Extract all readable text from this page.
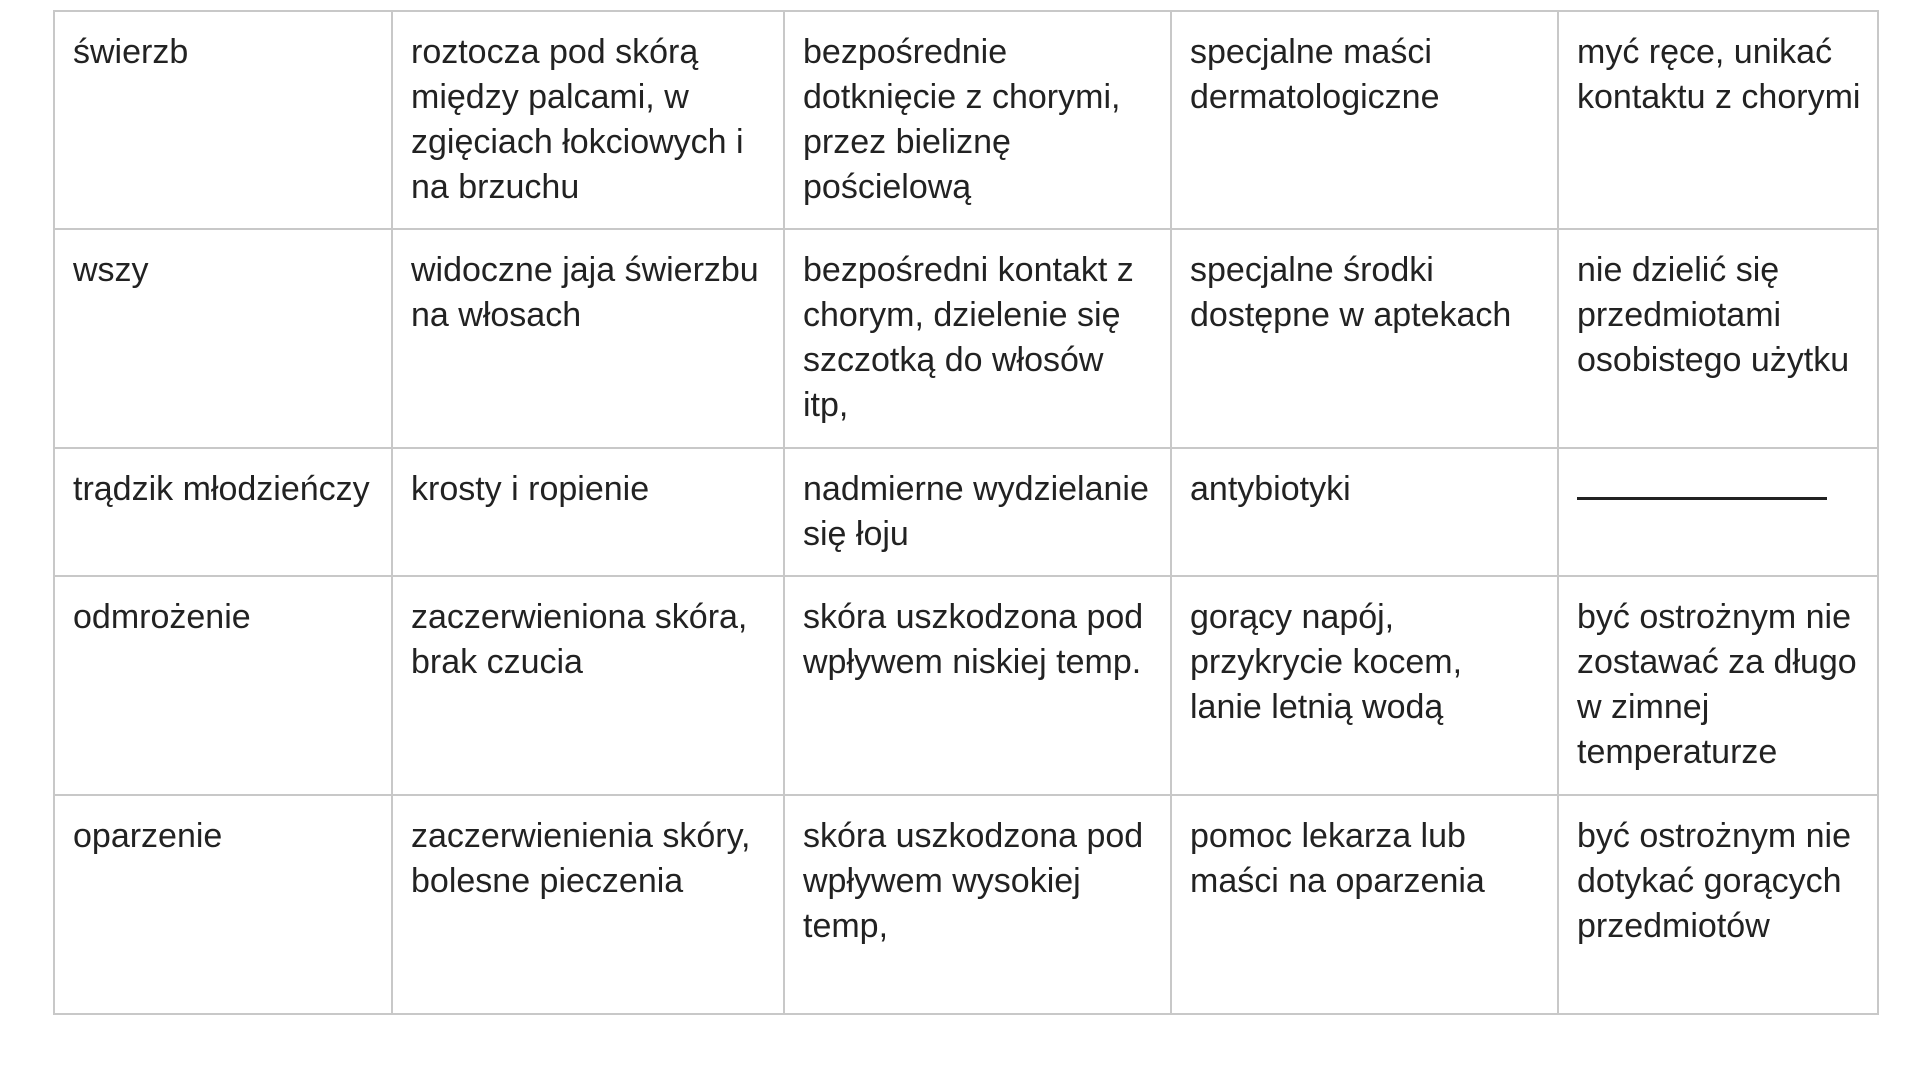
świerzb	roztocza pod skórą między palcami, w zgięciach łokciowych i na brzuchu	bezpośrednie dotknięcie z chorymi, przez bieliznę pościelową	specjalne maści dermatologiczne	myć ręce, unikać kontaktu z chorymi
wszy	widoczne jaja świerzbu na włosach	bezpośredni kontakt z chorym, dzielenie się szczotką do włosów itp,	specjalne środki dostępne w aptekach	nie dzielić się przedmiotami osobistego użytku
trądzik młodzieńczy	krosty i ropienie	nadmierne wydzielanie się łoju	antybiotyki	
odmrożenie	zaczerwieniona skóra, brak czucia	skóra uszkodzona pod wpływem niskiej temp.	gorący napój, przykrycie kocem, lanie letnią wodą	być ostrożnym nie zostawać za długo w zimnej temperaturze
oparzenie	zaczerwienienia skóry, bolesne pieczenia	skóra uszkodzona pod wpływem wysokiej temp,	pomoc lekarza lub maści na oparzenia	być ostrożnym nie dotykać gorących przedmiotów
